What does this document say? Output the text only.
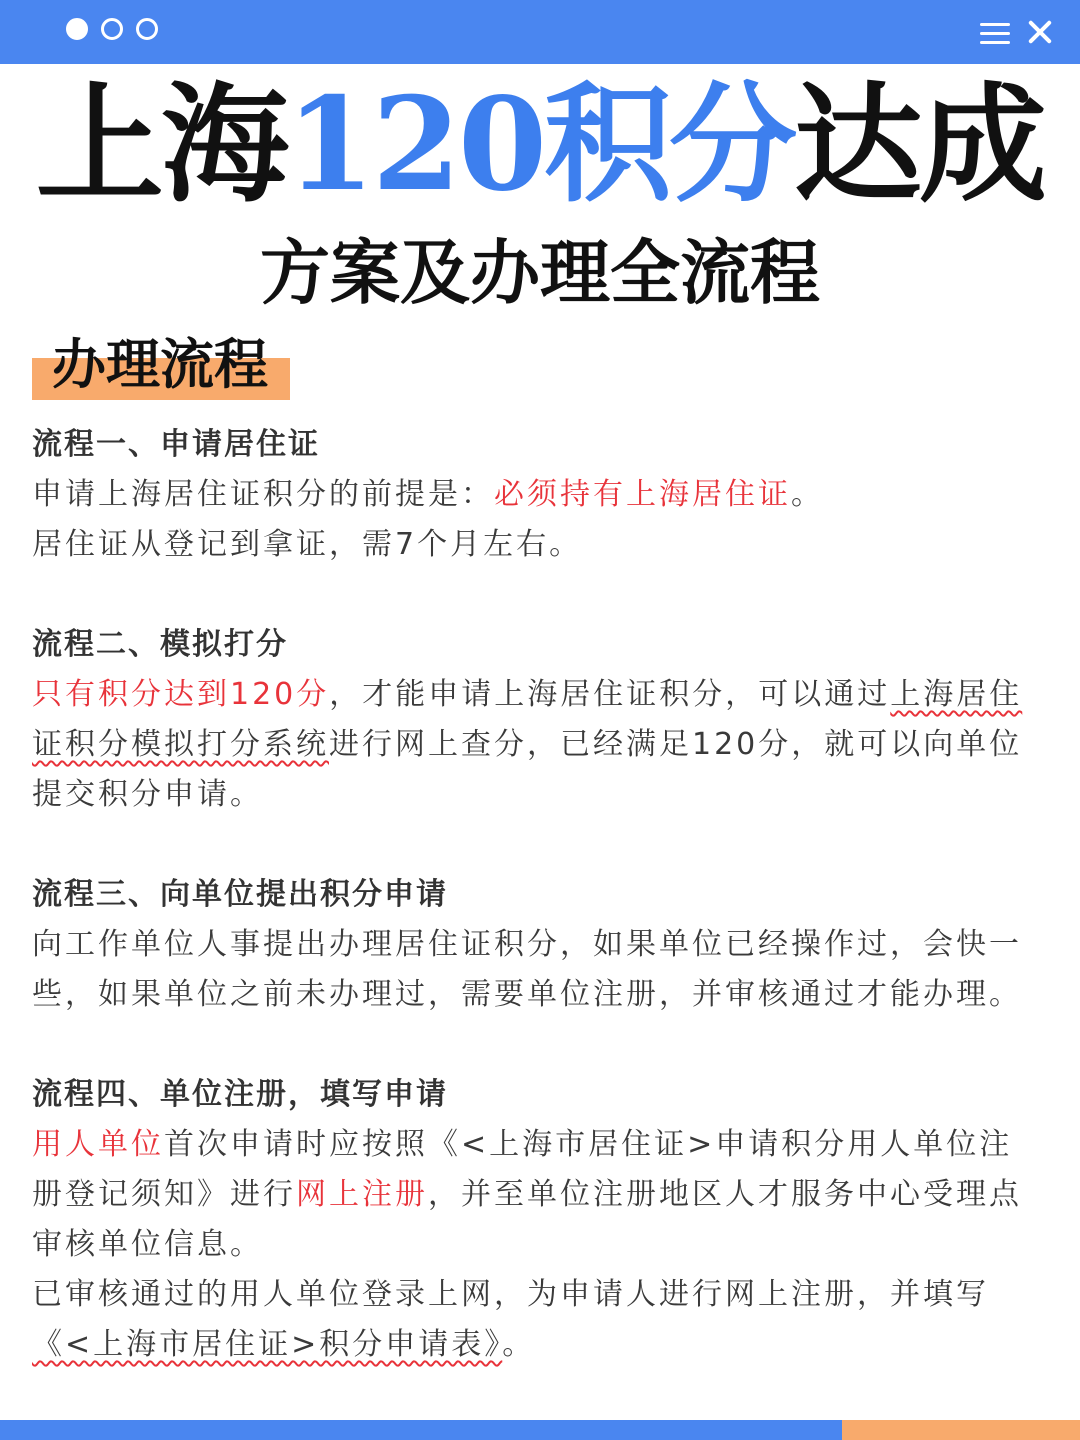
上海120积分达成
方案及办理全流程
办理流程

流程一、申请居住证

申请上海居住证积分的前提是：必须持有上海居住证。

居住证从登记到拿证，需7个月左右。

流程二、模拟打分

只有积分达到120分，才能申请上海居住证积分，可以通过上海居住证积分模拟打分系统进行网上查分，已经满足120分，就可以向单位提交积分申请。

流程三、向单位提出积分申请

向工作单位人事提出办理居住证积分，如果单位已经操作过，会快一些，如果单位之前未办理过，需要单位注册，并审核通过才能办理。

流程四、单位注册，填写申请

用人单位首次申请时应按照《<上海市居住证>申请积分用人单位注册登记须知》进行网上注册，并至单位注册地区人才服务中心受理点审核单位信息。

已审核通过的用人单位登录上网，为申请人进行网上注册，并填写《<上海市居住证>积分申请表》。
